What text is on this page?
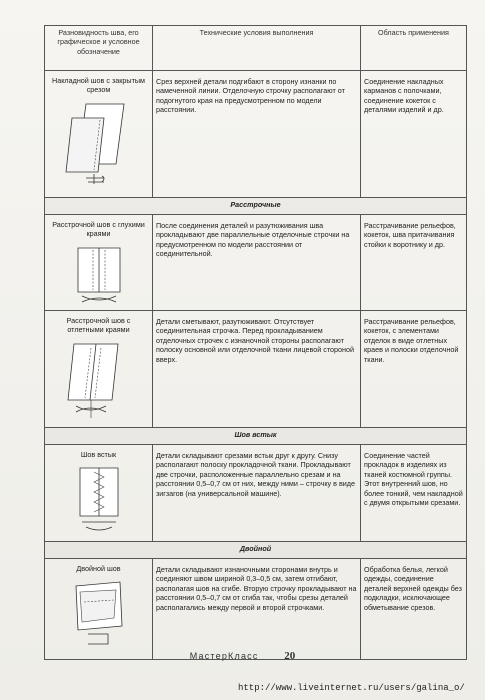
Разновидность шва, его графическое и условное обозначение	Технические условия выполнения	Область применения

Накладной шов с закрытым срезом	Срез верхней детали подгибают в сторону изнанки по намеченной линии. Отделочную строчку располагают от подогнутого края на предусмотренном по модели расстоянии.	Соединение накладных карманов с полочками, соединение кокеток с деталями изделий и др.
Расстрочные		

Расстрочной шов с глухими краями	После соединения деталей и разутюживания шва прокладывают две параллельные отделочные строчки на предусмотренном по модели расстоянии от соединительной.	Расстрачивание рельефов, кокеток, шва притачивания стойки к воротнику и др.

Расстрочной шов с отлетными краями	Детали сметывают, разутюживают. Отсутствует соединительная строчка. Перед прокладыванием отделочных строчек с изнаночной стороны располагают полоску основной или отделочной ткани лицевой стороной вверх.	Расстрачивание рельефов, кокеток, с элементами отделок в виде отлетных краев и полоски отделочной ткани.
Шов встык		

Шов встык	Детали складывают срезами встык друг к другу. Снизу располагают полоску прокладочной ткани. Прокладывают две строчки, расположенные параллельно срезам и на расстоянии 0,5–0,7 см от них, между ними – строчку в виде зигзагов (на универсальной машине).	Соединение частей прокладок в изделиях из тканей костюмной группы. Этот внутренний шов, но более тонкий, чем накладной с двумя открытыми срезами.
Двойной		

Двойной шов	Детали складывают изнаночными сторонами внутрь и соединяют швом шириной 0,3–0,5 см, затем отгибают, располагая шов на сгибе. Вторую строчку прокладывают на расстоянии 0,5–0,7 см от сгиба так, чтобы срезы деталей располагались между первой и второй строчками.	Обработка белья, легкой одежды, соединение деталей верхней одежды без подкладки, исключающее обметывание срезов.
МастерКласс 20
http://www.liveinternet.ru/users/galina_o/
